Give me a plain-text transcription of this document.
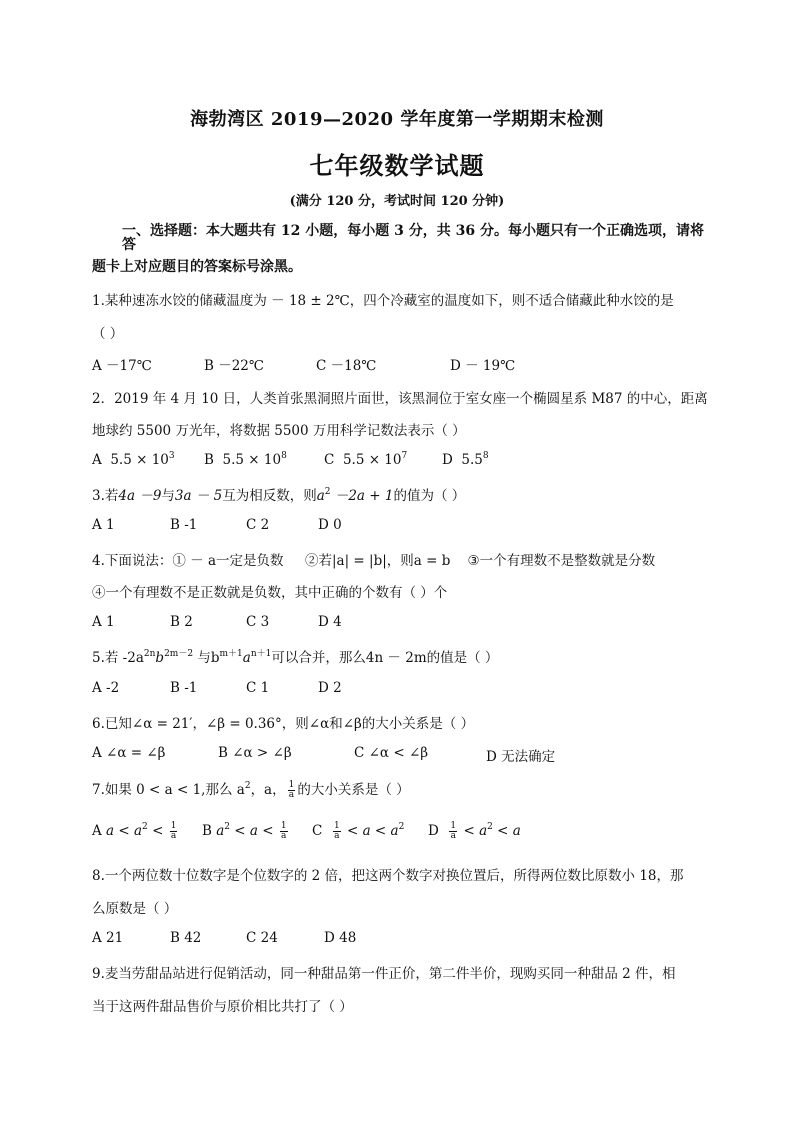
海勃湾区 2019—2020 学年度第一学期期末检测
七年级数学试题
(满分 120 分，考试时间 120 分钟)
一、选择题：本大题共有 12 小题，每小题 3 分，共 36 分。每小题只有一个正确选项，请将答
题卡上对应题目的答案标号涂黑。
1.某种速冻水饺的储藏温度为 － 18 ± 2℃，四个冷藏室的温度如下，则不适合储藏此种水饺的是
（ ）
A －17℃	B －22℃	C －18℃	D － 19℃
2．2019 年 4 月 10 日，人类首张黑洞照片面世，该黑洞位于室女座一个椭圆星系 M87 的中心，距离
地球约 5500 万光年，将数据 5500 万用科学记数法表示（ ）
A $5.5 \times 10^3$ B $5.5 \times 10^8$	C $5.5 \times 10^7$	D $5.5^8$
3.若4a －9与3a － 5互为相反数，则$a^2 -2a + 1$的值为（ ）
A 1	B -1	C 2	D 0
4.下面说法：① － a一定是负数 ②若|a| = |b|，则a = b ③一个有理数不是整数就是分数
④一个有理数不是正数就是负数，其中正确的个数有（ ）个
A 1	B 2	C 3	D 4
5.若 $-2a^{2n}b^{2m-2}$ 与$b^{m+1}a^{n+1}$可以合并，那么4n － 2m的值是（ ）
A -2	B -1	C 1	D 2
6.已知∠α = 21′，∠β = 0.36°，则∠α和∠β的大小关系是（ ）
A ∠α = ∠β	B ∠α > ∠β	C ∠α < ∠β	D 无法确定
7.如果 0 < a < 1,那么 $a^2$，a， $\frac{1}{a}$ 的大小关系是（ ）
A $a < a^2 < \frac{1}{a}$ B $a^2 < a < \frac{1}{a}$ C $\frac{1}{a} < a < a^2$ D $\frac{1}{a} < a^2 < a$
8.一个两位数十位数字是个位数字的 2 倍，把这两个数字对换位置后，所得两位数比原数小 18，那
么原数是（ ）
A 21	B 42	C 24	D 48
9.麦当劳甜品站进行促销活动，同一种甜品第一件正价，第二件半价，现购买同一种甜品 2 件，相
当于这两件甜品售价与原价相比共打了（ ）
